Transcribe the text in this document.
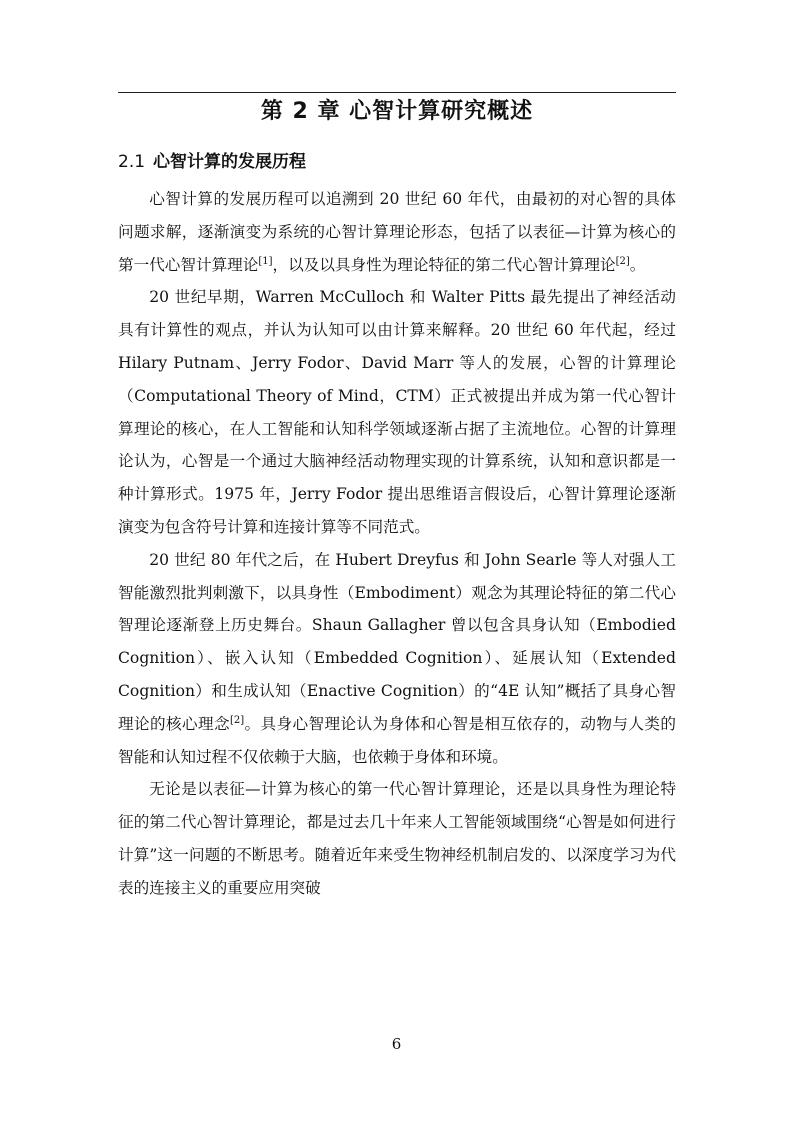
第 2 章 心智计算研究概述
2.1 心智计算的发展历程

心智计算的发展历程可以追溯到 20 世纪 60 年代，由最初的对心智的具体问题求解，逐渐演变为系统的心智计算理论形态，包括了以表征—计算为核心的第一代心智计算理论[1]，以及以具身性为理论特征的第二代心智计算理论[2]。

20 世纪早期，Warren McCulloch 和 Walter Pitts 最先提出了神经活动具有计算性的观点，并认为认知可以由计算来解释。20 世纪 60 年代起，经过 Hilary Putnam、Jerry Fodor、David Marr 等人的发展，心智的计算理论（Computational Theory of Mind，CTM）正式被提出并成为第一代心智计算理论的核心，在人工智能和认知科学领域逐渐占据了主流地位。心智的计算理论认为，心智是一个通过大脑神经活动物理实现的计算系统，认知和意识都是一种计算形式。1975 年，Jerry Fodor 提出思维语言假设后，心智计算理论逐渐演变为包含符号计算和连接计算等不同范式。

20 世纪 80 年代之后，在 Hubert Dreyfus 和 John Searle 等人对强人工智能激烈批判刺激下，以具身性（Embodiment）观念为其理论特征的第二代心智理论逐渐登上历史舞台。Shaun Gallagher 曾以包含具身认知（Embodied Cognition）、嵌入认知（Embedded Cognition）、延展认知（Extended Cognition）和生成认知（Enactive Cognition）的“4E 认知”概括了具身心智理论的核心理念[2]。具身心智理论认为身体和心智是相互依存的，动物与人类的智能和认知过程不仅依赖于大脑，也依赖于身体和环境。

无论是以表征—计算为核心的第一代心智计算理论，还是以具身性为理论特征的第二代心智计算理论，都是过去几十年来人工智能领域围绕“心智是如何进行计算”这一问题的不断思考。随着近年来受生物神经机制启发的、以深度学习为代表的连接主义的重要应用突破

6
